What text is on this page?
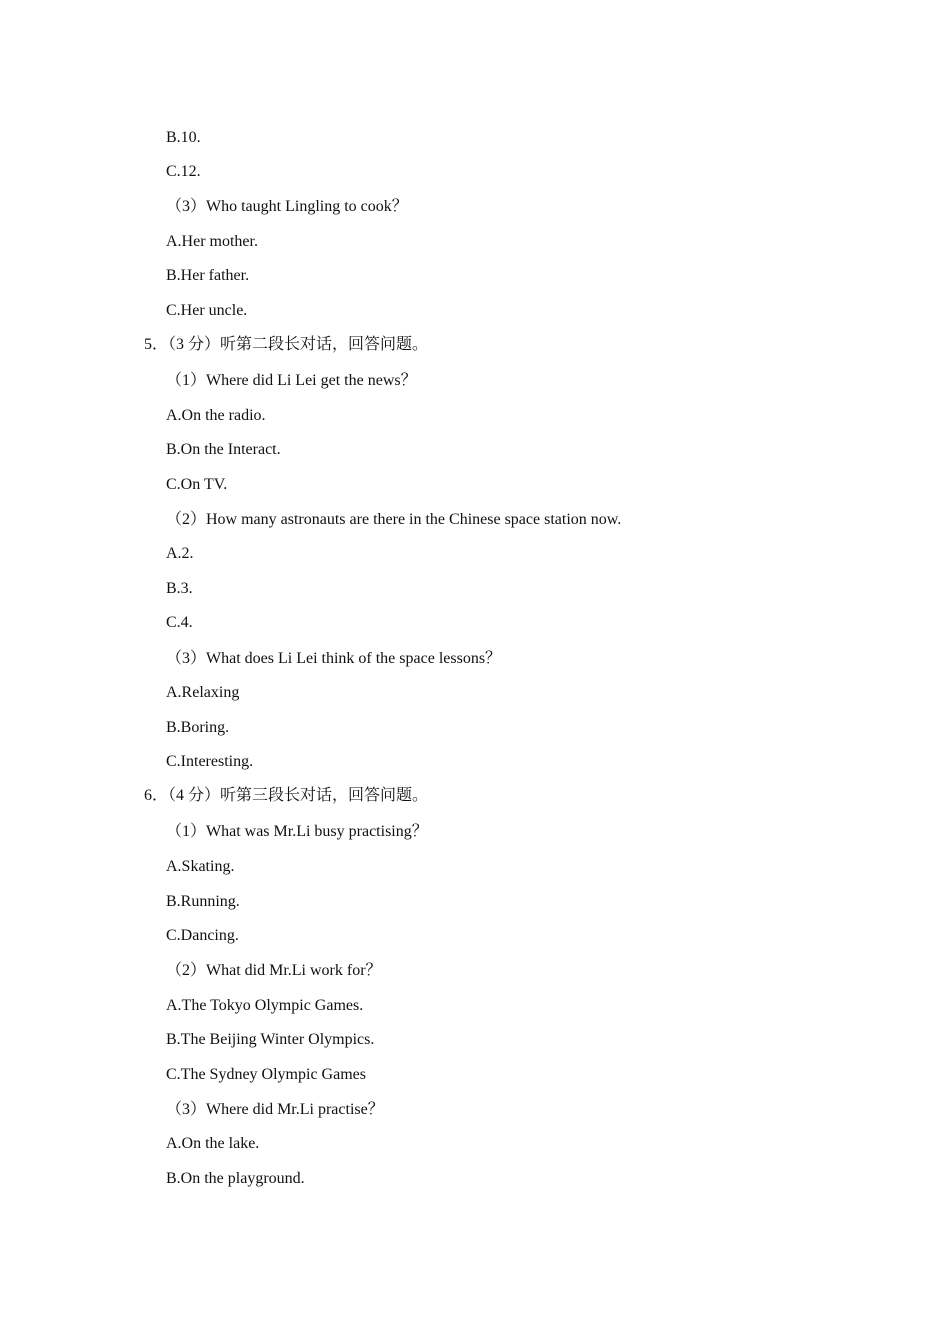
B.10.
C.12.
（3）Who taught Lingling to cook？
A.Her mother.
B.Her father.
C.Her uncle.
5．（3 分）听第二段长对话，回答问题。
（1）Where did Li Lei get the news？
A.On the radio.
B.On the Interact.
C.On TV.
（2）How many astronauts are there in the Chinese space station now.
A.2.
B.3.
C.4.
（3）What does Li Lei think of the space lessons？
A.Relaxing
B.Boring.
C.Interesting.
6．（4 分）听第三段长对话，回答问题。
（1）What was Mr.Li busy practising？
A.Skating.
B.Running.
C.Dancing.
（2）What did Mr.Li work for？
A.The Tokyo Olympic Games.
B.The Beijing Winter Olympics.
C.The Sydney Olympic Games
（3）Where did Mr.Li practise？
A.On the lake.
B.On the playground.
